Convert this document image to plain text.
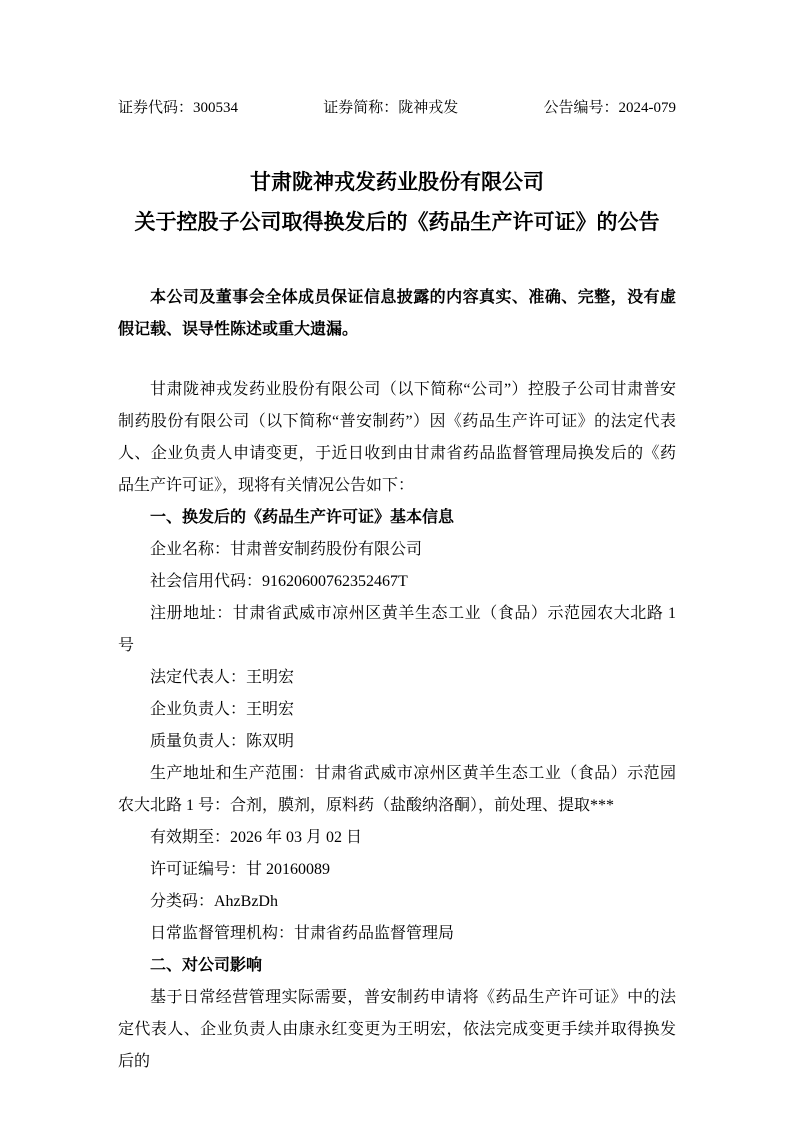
证券代码：300534	证券简称：陇神戎发	公告编号：2024-079
甘肃陇神戎发药业股份有限公司
关于控股子公司取得换发后的《药品生产许可证》的公告

本公司及董事会全体成员保证信息披露的内容真实、准确、完整，没有虚假记载、误导性陈述或重大遗漏。

甘肃陇神戎发药业股份有限公司（以下简称“公司”）控股子公司甘肃普安制药股份有限公司（以下简称“普安制药”）因《药品生产许可证》的法定代表人、企业负责人申请变更，于近日收到由甘肃省药品监督管理局换发后的《药品生产许可证》，现将有关情况公告如下：

一、换发后的《药品生产许可证》基本信息

企业名称：甘肃普安制药股份有限公司

社会信用代码：91620600762352467T

注册地址：甘肃省武威市凉州区黄羊生态工业（食品）示范园农大北路 1 号

法定代表人：王明宏

企业负责人：王明宏

质量负责人：陈双明

生产地址和生产范围：甘肃省武威市凉州区黄羊生态工业（食品）示范园农大北路 1 号：合剂，膜剂，原料药（盐酸纳洛酮），前处理、提取***

有效期至：2026 年 03 月 02 日

许可证编号：甘 20160089

分类码：AhzBzDh

日常监督管理机构：甘肃省药品监督管理局

二、对公司影响

基于日常经营管理实际需要，普安制药申请将《药品生产许可证》中的法定代表人、企业负责人由康永红变更为王明宏，依法完成变更手续并取得换发后的
